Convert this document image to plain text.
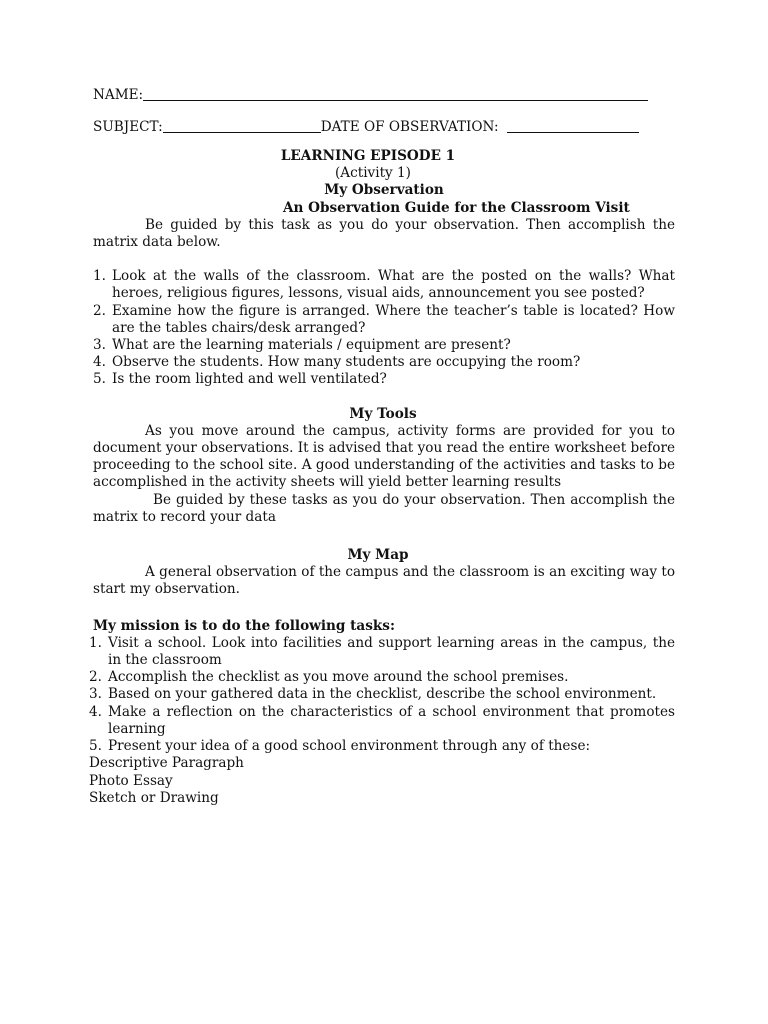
NAME:
SUBJECT:	DATE OF OBSERVATION:
LEARNING EPISODE 1
(Activity 1)
My Observation
An Observation Guide for the Classroom Visit
Be guided by this task as you do your observation. Then accomplish the matrix data below.
1. Look at the walls of the classroom. What are the posted on the walls? What heroes, religious figures, lessons, visual aids, announcement you see posted?
2. Examine how the figure is arranged. Where the teacher’s table is located? How are the tables chairs/desk arranged?
3. What are the learning materials / equipment are present?
4. Observe the students. How many students are occupying the room?
5. Is the room lighted and well ventilated?
My Tools
As you move around the campus, activity forms are provided for you to document your observations. It is advised that you read the entire worksheet before proceeding to the school site. A good understanding of the activities and tasks to be accomplished in the activity sheets will yield better learning results
Be guided by these tasks as you do your observation. Then accomplish the matrix to record your data
My Map
A general observation of the campus and the classroom is an exciting way to start my observation.
My mission is to do the following tasks:
1. Visit a school. Look into facilities and support learning areas in the campus, the in the classroom
2. Accomplish the checklist as you move around the school premises.
3. Based on your gathered data in the checklist, describe the school environment.
4. Make a reflection on the characteristics of a school environment that promotes learning
5. Present your idea of a good school environment through any of these:
Descriptive Paragraph
Photo Essay
Sketch or Drawing
